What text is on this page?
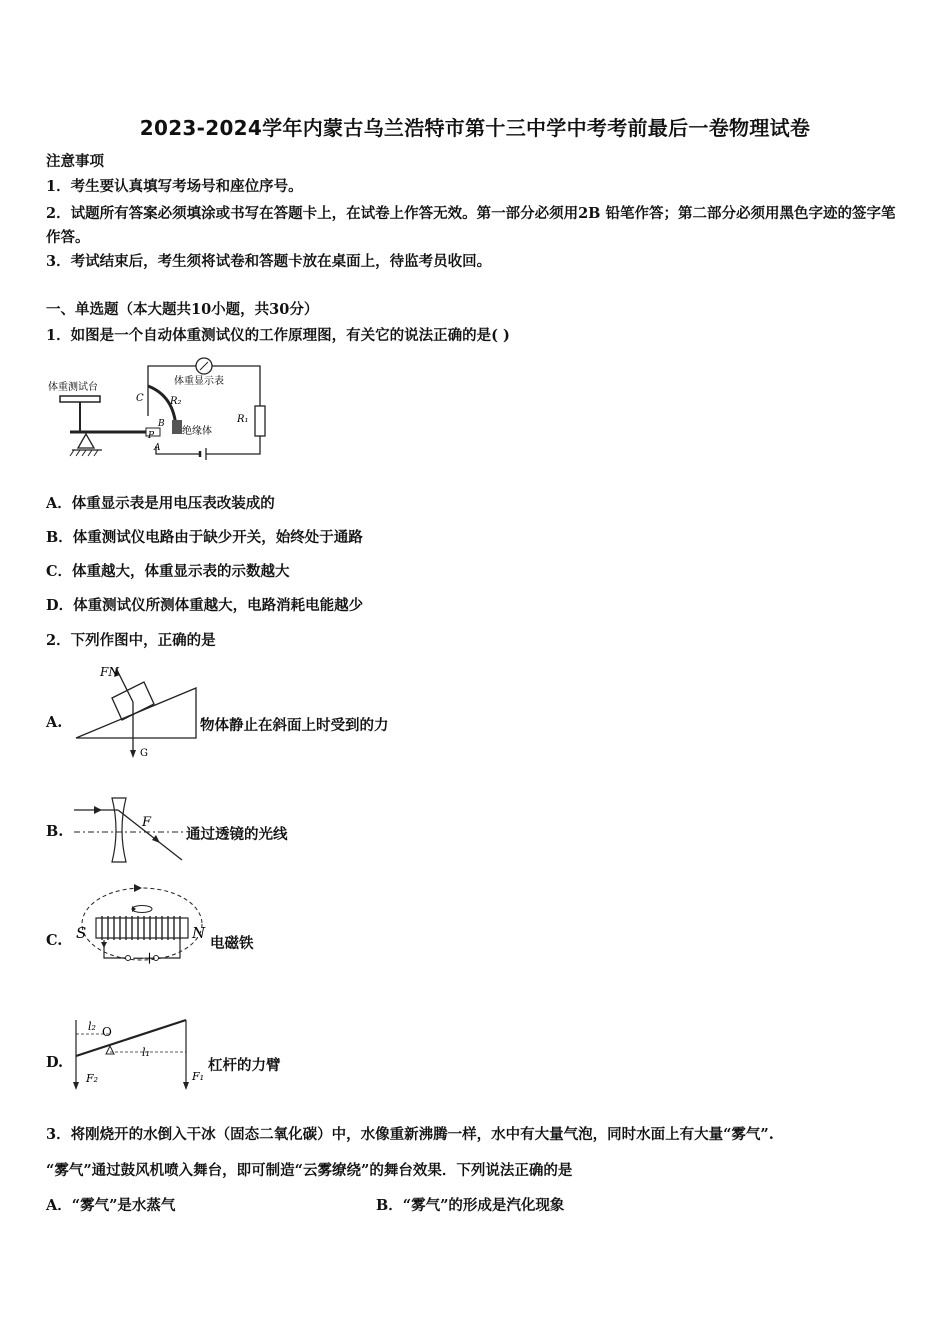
2023-2024学年内蒙古乌兰浩特市第十三中学中考考前最后一卷物理试卷
注意事项
1．考生要认真填写考场号和座位序号。
2．试题所有答案必须填涂或书写在答题卡上，在试卷上作答无效。第一部分必须用2B 铅笔作答；第二部分必须用黑色字迹的签字笔作答。
3．考试结束后，考生须将试卷和答题卡放在桌面上，待监考员收回。
一、单选题（本大题共10小题，共30分）
1．如图是一个自动体重测试仪的工作原理图，有关它的说法正确的是( )
体重测试台
体重显示表
绝缘体
R₁
R₂
C
B
P
A
A．体重显示表是用电压表改装成的
B．体重测试仪电路由于缺少开关，始终处于通路
C．体重越大，体重显示表的示数越大
D．体重测试仪所测体重越大，电路消耗电能越少
2．下列作图中，正确的是
A.
FN
G
物体静止在斜面上时受到的力
B.
F
通过透镜的光线
C.
－
＋
S	N
电磁铁
D.
l₂ O
l₁
F₂	F₁
杠杆的力臂
3．将刚烧开的水倒入干冰（固态二氧化碳）中，水像重新沸腾一样，水中有大量气泡，同时水面上有大量“雾气”.
“雾气”通过鼓风机喷入舞台，即可制造“云雾缭绕”的舞台效果．下列说法正确的是
A．“雾气”是水蒸气	B．“雾气”的形成是汽化现象
